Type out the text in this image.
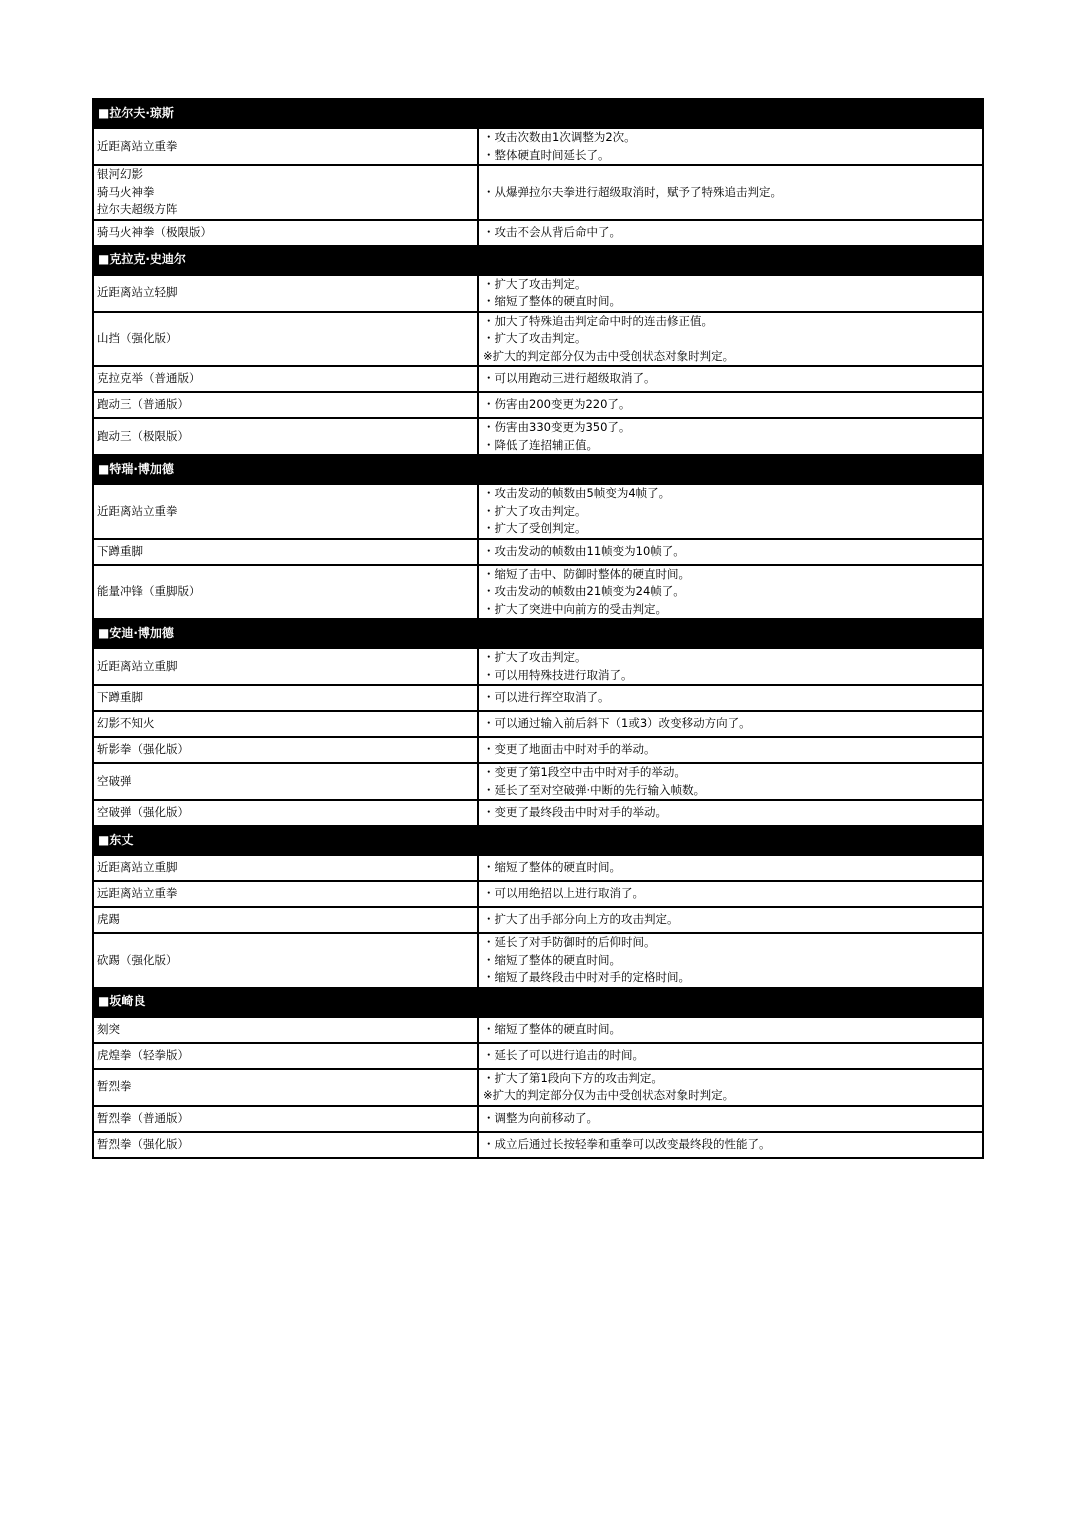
■拉尔夫·琼斯	
近距离站立重拳	・攻击次数由1次调整为2次。
・整体硬直时间延长了。
银河幻影
骑马火神拳
拉尔夫超级方阵	・从爆弹拉尔夫拳进行超级取消时，赋予了特殊追击判定。
骑马火神拳（极限版）	・攻击不会从背后命中了。
■克拉克·史迪尔	
近距离站立轻脚	・扩大了攻击判定。
・缩短了整体的硬直时间。
山挡（强化版）	・加大了特殊追击判定命中时的连击修正值。
・扩大了攻击判定。
※扩大的判定部分仅为击中受创状态对象时判定。
克拉克举（普通版）	・可以用跑动三进行超级取消了。
跑动三（普通版）	・伤害由200变更为220了。
跑动三（极限版）	・伤害由330变更为350了。
・降低了连招辅正值。
■特瑞·博加德	
近距离站立重拳	・攻击发动的帧数由5帧变为4帧了。
・扩大了攻击判定。
・扩大了受创判定。
下蹲重脚	・攻击发动的帧数由11帧变为10帧了。
能量冲锋（重脚版）	・缩短了击中、防御时整体的硬直时间。
・攻击发动的帧数由21帧变为24帧了。
・扩大了突进中向前方的受击判定。
■安迪·博加德	
近距离站立重脚	・扩大了攻击判定。
・可以用特殊技进行取消了。
下蹲重脚	・可以进行挥空取消了。
幻影不知火	・可以通过输入前后斜下（1或3）改变移动方向了。
斩影拳（强化版）	・变更了地面击中时对手的举动。
空破弹	・变更了第1段空中击中时对手的举动。
・延长了至对空破弹·中断的先行输入帧数。
空破弹（强化版）	・变更了最终段击中时对手的举动。
■东丈	
近距离站立重脚	・缩短了整体的硬直时间。
远距离站立重拳	・可以用绝招以上进行取消了。
虎踢	・扩大了出手部分向上方的攻击判定。
砍踢（强化版）	・延长了对手防御时的后仰时间。
・缩短了整体的硬直时间。
・缩短了最终段击中时对手的定格时间。
■坂崎良	
刻突	・缩短了整体的硬直时间。
虎煌拳（轻拳版）	・延长了可以进行追击的时间。
暂烈拳	・扩大了第1段向下方的攻击判定。
※扩大的判定部分仅为击中受创状态对象时判定。
暂烈拳（普通版）	・调整为向前移动了。
暂烈拳（强化版）	・成立后通过长按轻拳和重拳可以改变最终段的性能了。
